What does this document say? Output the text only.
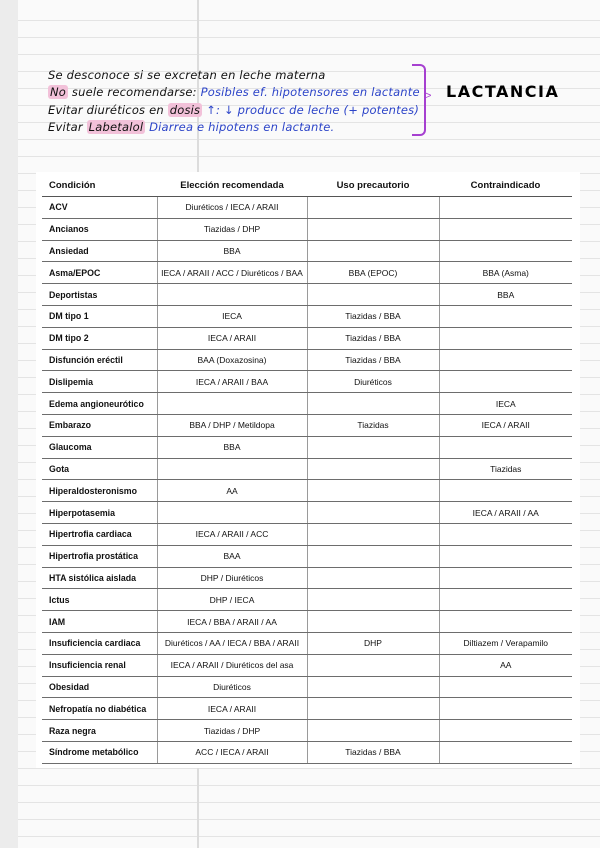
Se desconoce si se excretan en leche materna
No suele recomendarse: Posibles ef. hipotensores en lactante
Evitar diuréticos en dosis ↑: ↓ producc de leche (+ potentes)
Evitar Labetalol Diarrea e hipotens en lactante.
> LACTANCIA
Condición	Elección recomendada	Uso precautorio	Contraindicado
ACV	Diuréticos / IECA / ARAII		
Ancianos	Tiazidas / DHP		
Ansiedad	BBA		
Asma/EPOC	IECA / ARAII / ACC / Diuréticos / BAA	BBA (EPOC)	BBA (Asma)
Deportistas			BBA
DM tipo 1	IECA	Tiazidas / BBA	
DM tipo 2	IECA / ARAII	Tiazidas / BBA	
Disfunción eréctil	BAA (Doxazosina)	Tiazidas / BBA	
Dislipemia	IECA / ARAII / BAA	Diuréticos	
Edema angioneurótico			IECA
Embarazo	BBA / DHP / Metildopa	Tiazidas	IECA / ARAII
Glaucoma	BBA		
Gota			Tiazidas
Hiperaldosteronismo	AA		
Hiperpotasemia			IECA / ARAII / AA
Hipertrofia cardiaca	IECA / ARAII / ACC		
Hipertrofia prostática	BAA		
HTA sistólica aislada	DHP / Diuréticos		
Ictus	DHP / IECA		
IAM	IECA / BBA / ARAII / AA		
Insuficiencia cardiaca	Diuréticos / AA / IECA / BBA / ARAII	DHP	Diltiazem / Verapamilo
Insuficiencia renal	IECA / ARAII / Diuréticos del asa		AA
Obesidad	Diuréticos		
Nefropatía no diabética	IECA / ARAII		
Raza negra	Tiazidas / DHP		
Síndrome metabólico	ACC / IECA / ARAII	Tiazidas / BBA	
